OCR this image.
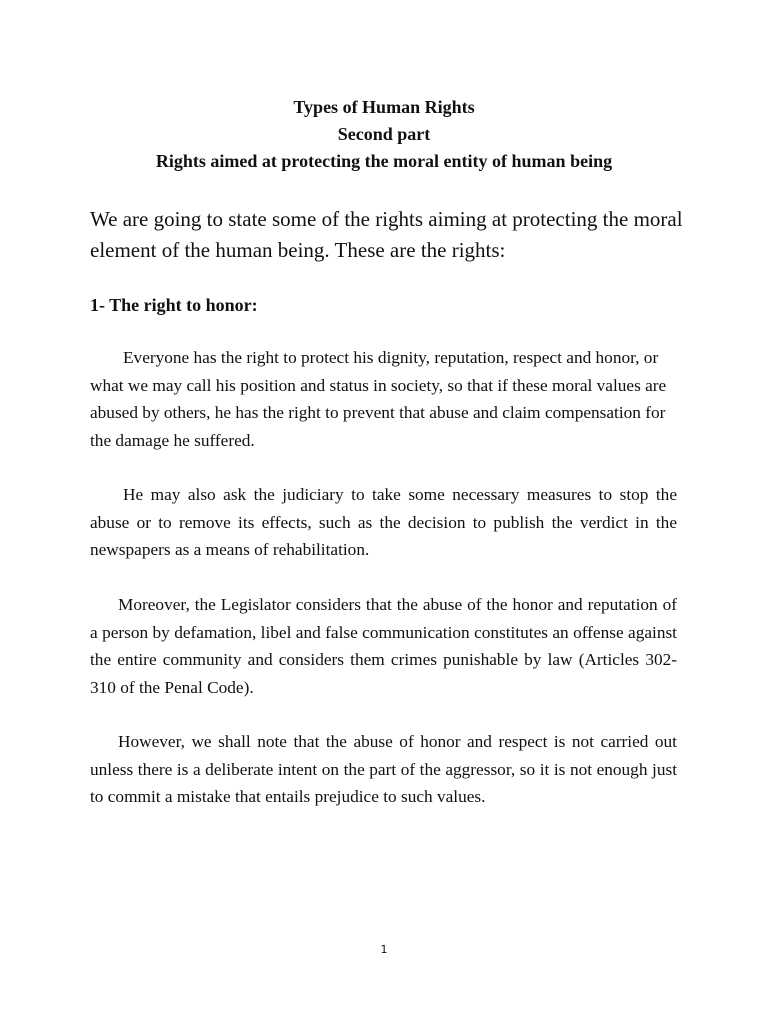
Types of Human Rights
Second part
Rights aimed at protecting the moral entity of human being
We are going to state some of the rights aiming at protecting the moral element of the human being. These are the rights:
1- The right to honor:
Everyone has the right to protect his dignity, reputation, respect and honor, or what we may call his position and status in society, so that if these moral values are abused by others, he has the right to prevent that abuse and claim compensation for the damage he suffered.
He may also ask the judiciary to take some necessary measures to stop the abuse or to remove its effects, such as the decision to publish the verdict in the newspapers as a means of rehabilitation.
Moreover, the Legislator considers that the abuse of the honor and reputation of a person by defamation, libel and false communication constitutes an offense against the entire community and considers them crimes punishable by law (Articles 302-310 of the Penal Code).
However, we shall note that the abuse of honor and respect is not carried out unless there is a deliberate intent on the part of the aggressor, so it is not enough just to commit a mistake that entails prejudice to such values.
1
